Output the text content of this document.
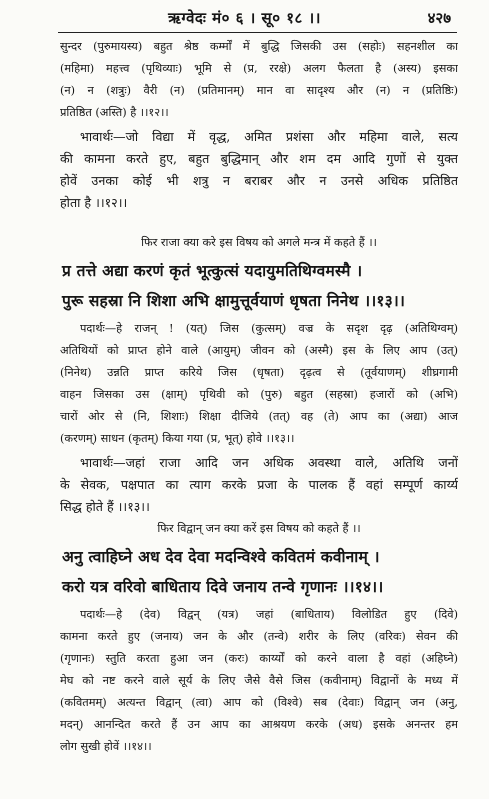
ऋग्वेदः मं० ६ । सू० १८ ।।	४२७
सुन्दर (पुरुमायस्य) बहुत श्रेष्ठ कर्म्मों में बुद्धि जिसकी उस (सहोः) सहनशील का
(महिमा) महत्त्व (पृथिव्याः) भूमि से (प्र, ररक्षे) अलग फैलता है (अस्य) इसका
(न) न (शत्रुः) वैरी (न) (प्रतिमानम्) मान वा सादृश्य और (न) न (प्रतिष्ठिः)
प्रतिष्ठित (अस्ति) है ।।१२।।
भावार्थः—जो विद्या में वृद्ध, अमित प्रशंसा और महिमा वाले, सत्य
की कामना करते हुए, बहुत बुद्धिमान् और शम दम आदि गुणों से युक्त
होवें उनका कोई भी शत्रु न बराबर और न उनसे अधिक प्रतिष्ठित
होता है ।।१२।।
फिर राजा क्या करे इस विषय को अगले मन्त्र में कहते हैं ।।
प्र तत्ते अद्या करणं कृतं भूत्कुत्सं यदायुमतिथिग्वमस्मै ।
पुरू सहस्रा नि शिशा अभि क्षामुत्तूर्वयाणं धृषता निनेथ ।।१३।।
पदार्थः—हे राजन् ! (यत्) जिस (कुत्सम्) वज्र के सदृश दृढ़ (अतिथिग्वम्)
अतिथियों को प्राप्त होने वाले (आयुम्) जीवन को (अस्मै) इस के लिए आप (उत्)
(निनेथ) उन्नति प्राप्त करिये जिस (धृषता) दृढ़त्व से (तूर्वयाणम्) शीघ्रगामी
वाहन जिसका उस (क्षाम्) पृथिवी को (पुरु) बहुत (सहस्रा) हजारों को (अभि)
चारों ओर से (नि, शिशाः) शिक्षा दीजिये (तत्) वह (ते) आप का (अद्या) आज
(करणम्) साधन (कृतम्) किया गया (प्र, भूत्) होवे ।।१३।।
भावार्थः—जहां राजा आदि जन अधिक अवस्था वाले, अतिथि जनों
के सेवक, पक्षपात का त्याग करके प्रजा के पालक हैं वहां सम्पूर्ण कार्य्य
सिद्ध होते हैं ।।१३।।
फिर विद्वान् जन क्या करें इस विषय को कहते हैं ।।
अनु त्वाहिघ्ने अध देव देवा मदन्विश्वे कवितमं कवीनाम् ।
करो यत्र वरिवो बाधिताय दिवे जनाय तन्वे गृणानः ।।१४।।
पदार्थः—हे (देव) विद्वन् (यत्र) जहां (बाधिताय) विलोडित हुए (दिवे)
कामना करते हुए (जनाय) जन के और (तन्वे) शरीर के लिए (वरिवः) सेवन की
(गृणानः) स्तुति करता हुआ जन (करः) कार्य्यों को करने वाला है वहां (अहिघ्ने)
मेघ को नष्ट करने वाले सूर्य के लिए जैसे वैसे जिस (कवीनाम्) विद्वानों के मध्य में
(कवितमम्) अत्यन्त विद्वान् (त्वा) आप को (विश्वे) सब (देवाः) विद्वान् जन (अनु,
मदन्) आनन्दित करते हैं उन आप का आश्रयण करके (अध) इसके अनन्तर हम
लोग सुखी होवें ।।१४।।
